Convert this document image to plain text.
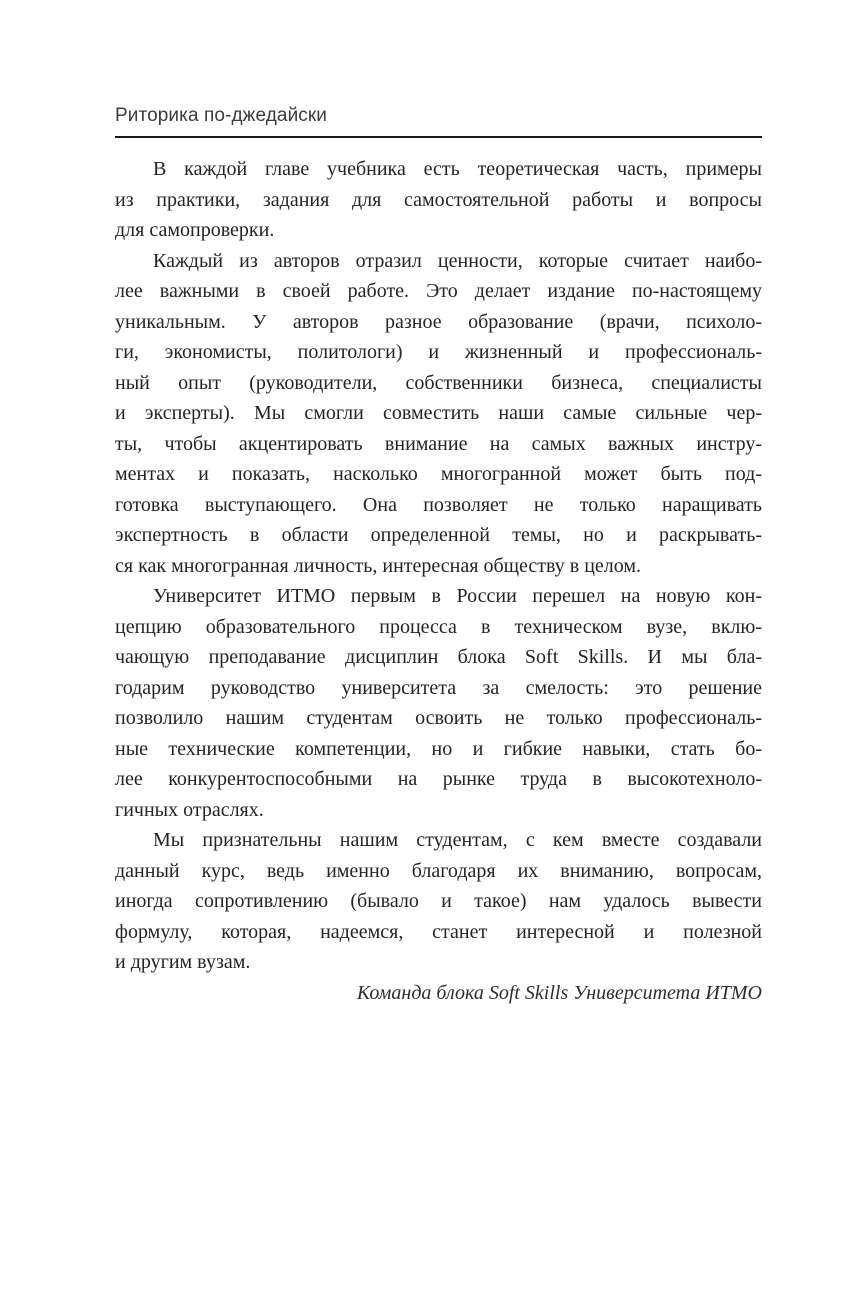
Риторика по-джедайски
В каждой главе учебника есть теоретическая часть, примеры
из практики, задания для самостоятельной работы и вопросы
для самопроверки.
Каждый из авторов отразил ценности, которые считает наибо-
лее важными в своей работе. Это делает издание по-настоящему
уникальным. У авторов разное образование (врачи, психоло-
ги, экономисты, политологи) и жизненный и профессиональ-
ный опыт (руководители, собственники бизнеса, специалисты
и эксперты). Мы смогли совместить наши самые сильные чер-
ты, чтобы акцентировать внимание на самых важных инстру-
ментах и показать, насколько многогранной может быть под-
готовка выступающего. Она позволяет не только наращивать
экспертность в области определенной темы, но и раскрывать-
ся как многогранная личность, интересная обществу в целом.
Университет ИТМО первым в России перешел на новую кон-
цепцию образовательного процесса в техническом вузе, вклю-
чающую преподавание дисциплин блока Soft Skills. И мы бла-
годарим руководство университета за смелость: это решение
позволило нашим студентам освоить не только профессиональ-
ные технические компетенции, но и гибкие навыки, стать бо-
лее конкурентоспособными на рынке труда в высокотехноло-
гичных отраслях.
Мы признательны нашим студентам, с кем вместе создавали
данный курс, ведь именно благодаря их вниманию, вопросам,
иногда сопротивлению (бывало и такое) нам удалось вывести
формулу, которая, надеемся, станет интересной и полезной
и другим вузам.
Команда блока Soft Skills Университета ИТМО
